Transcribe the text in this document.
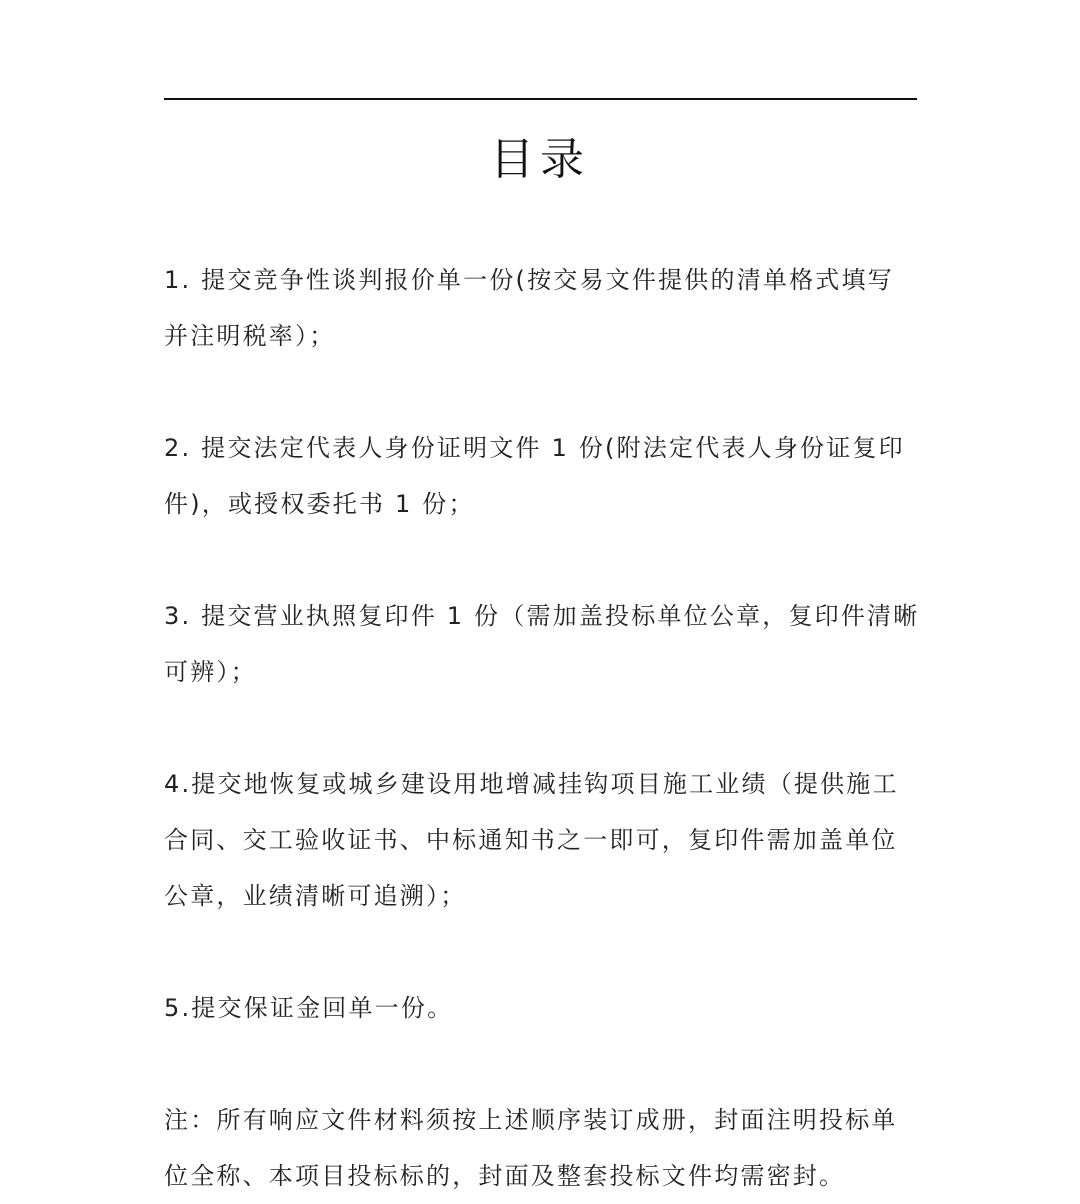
目录

1. 提交竞争性谈判报价单一份(按交易文件提供的清单格式填写并注明税率）；

2. 提交法定代表人身份证明文件 1 份(附法定代表人身份证复印件)，或授权委托书 1 份；

3. 提交营业执照复印件 1 份（需加盖投标单位公章，复印件清晰可辨）；

4.提交地恢复或城乡建设用地增减挂钩项目施工业绩（提供施工合同、交工验收证书、中标通知书之一即可，复印件需加盖单位公章，业绩清晰可追溯）；

5.提交保证金回单一份。

注：所有响应文件材料须按上述顺序装订成册，封面注明投标单位全称、本项目投标标的，封面及整套投标文件均需密封。
